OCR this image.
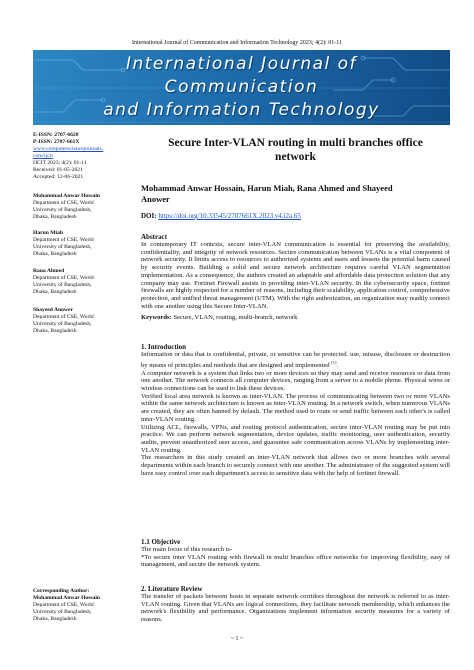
International Journal of Communication and Information Technology 2023; 4(2): 01-11
International Journal of
Communication
and Information Technology

E-ISSN: 2707-6628

P-ISSN: 2707-661X

www.computersciencejournals.
com/ijcit

IJCIT 2023; 4(2): 01-11

Received: 01-05-2021

Accepted: 12-06-2021

Mohammad Anwar Hossain

Department of CSE, World

University of Bangladesh,

Dhaka, Bangladesh

Harun Miah

Department of CSE, World

University of Bangladesh,

Dhaka, Bangladesh

Rana Ahmed

Department of CSE, World

University of Bangladesh,

Dhaka, Bangladesh

Shayeed Anower

Department of CSE, World

University of Bangladesh,

Dhaka, Bangladesh

Corresponding Author:

Mohammad Anwar Hossain

Department of CSE, World

University of Bangladesh,

Dhaka, Bangladesh

Secure Inter-VLAN routing in multi branches office
network
Mohammad Anwar Hossain, Harun Miah, Rana Ahmed and Shayeed
Anower
DOI: https://doi.org/10.33545/2707661X.2023.v4.i2a.65

Abstract

In contemporary IT contexts, secure inter-VLAN communication is essential for preserving the availability, confidentiality, and integrity of network resources. Secure communication between VLANs is a vital component of network security. It limits access to resources to authorized systems and users and lessens the potential harm caused by security events. Building a solid and secure network architecture requires careful VLAN segmentation implementation. As a consequence, the authors created an adaptable and affordable data protection solution that any company may use. Fortinet Firewall assists in providing inter-VLAN security. In the cybersecurity space, fortinet firewalls are highly respected for a number of reasons, including their scalability, application control, comprehensive protection, and unified threat management (UTM). With the right authorization, an organization may readily connect with one another using this Secure Inter-VLAN.

Keywords: Secure, VLAN, routing, multi-branch, network

1. Introduction

Information or data that is confidential, private, or sensitive can be protected. use, misuse, disclosure or destruction by means of principles and methods that are designed and implemented [1].

A computer network is a system that links two or more devices so they may send and receive resources or data from one another. The network connects all computer devices, ranging from a server to a mobile phone. Physical wires or wireless connections can be used to link these devices.

Verified local area network is known as inter-VLAN. The process of communicating between two or more VLANs within the same network architecture is known as inter-VLAN routing. In a network switch, when numerous VLANs are created, they are often banned by default. The method used to route or send traffic between each other's is called inter-VLAN routing.

Utilizing ACL, firewalls, VPNs, and routing protocol authentication, secure inter-VLAN routing may be put into practice. We can perform network segmentation, device updates, traffic monitoring, user authentication, security audits, prevent unauthorized user access, and guarantee safe communication across VLANs by implementing inter-VLAN routing.

The researchers in this study created an inter-VLAN network that allows two or more branches with several departments within each branch to securely connect with one another. The administrator of the suggested system will have easy control over each department's access to sensitive data with the help of fortinet firewall.

1.1 Objective

The main focus of this research is-

*To secure inter VLAN routing with firewall in multi branches office networks for improving flexibility, easy of management, and secure the network system.

2. Literature Review

The transfer of packets between hosts in separate network corridors throughout the network is referred to as inter-VLAN routing. Given that VLANs are logical connections, they facilitate network membership, which enhances the network's flexibility and performance. Organizations implement information security measures for a variety of reasons.

~ 1 ~
